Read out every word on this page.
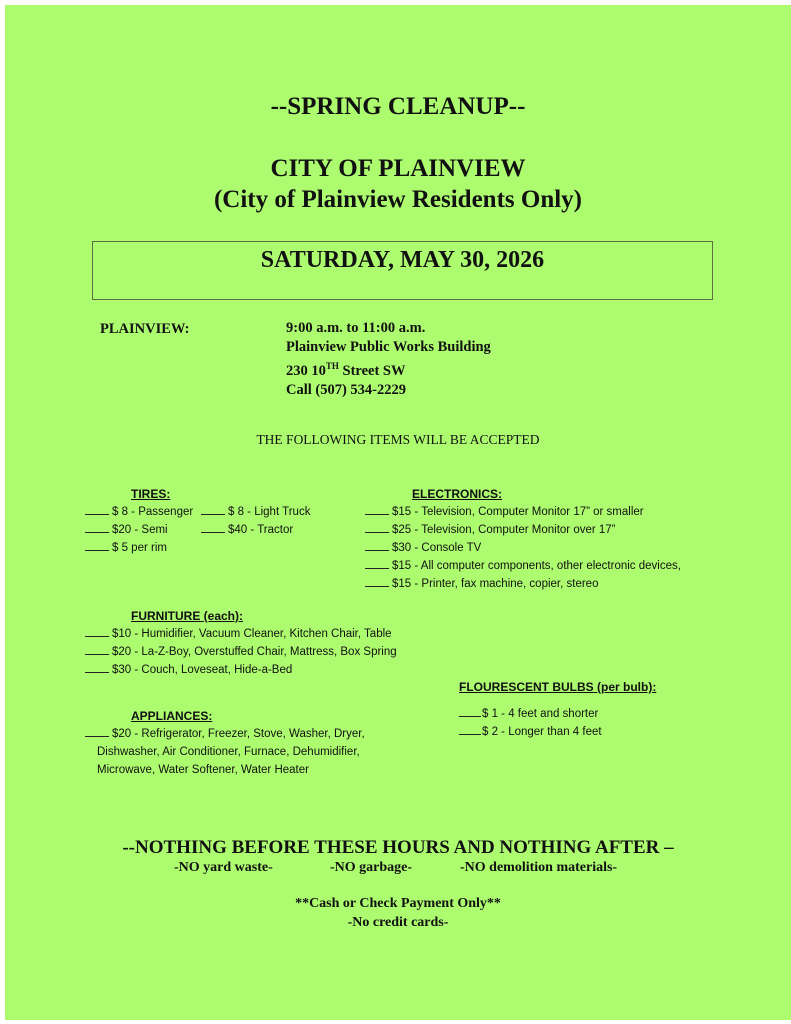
--SPRING CLEANUP--
CITY OF PLAINVIEW
(City of Plainview Residents Only)
SATURDAY, MAY 30, 2026
PLAINVIEW:	9:00 a.m. to 11:00 a.m.
Plainview Public Works Building
230 10TH Street SW
Call (507) 534-2229
THE FOLLOWING ITEMS WILL BE ACCEPTED
TIRES:
$ 8 - Passenger	$ 8 - Light Truck
$20 - Semi	$40 - Tractor
$ 5 per rim
ELECTRONICS:
$15 - Television, Computer Monitor 17” or smaller
$25 - Television, Computer Monitor over 17”
$30 - Console TV
$15 - All computer components, other electronic devices,
$15 - Printer, fax machine, copier, stereo
FURNITURE (each):
$10 - Humidifier, Vacuum Cleaner, Kitchen Chair, Table
$20 - La-Z-Boy, Overstuffed Chair, Mattress, Box Spring
$30 - Couch, Loveseat, Hide-a-Bed
FLOURESCENT BULBS (per bulb):
$ 1 - 4 feet and shorter
$ 2 - Longer than 4 feet
APPLIANCES:
$20 - Refrigerator, Freezer, Stove, Washer, Dryer,
Dishwasher, Air Conditioner, Furnace, Dehumidifier,
Microwave, Water Softener, Water Heater
--NOTHING BEFORE THESE HOURS AND NOTHING AFTER –
-NO yard waste-	-NO garbage-	-NO demolition materials-
**Cash or Check Payment Only**
-No credit cards-
